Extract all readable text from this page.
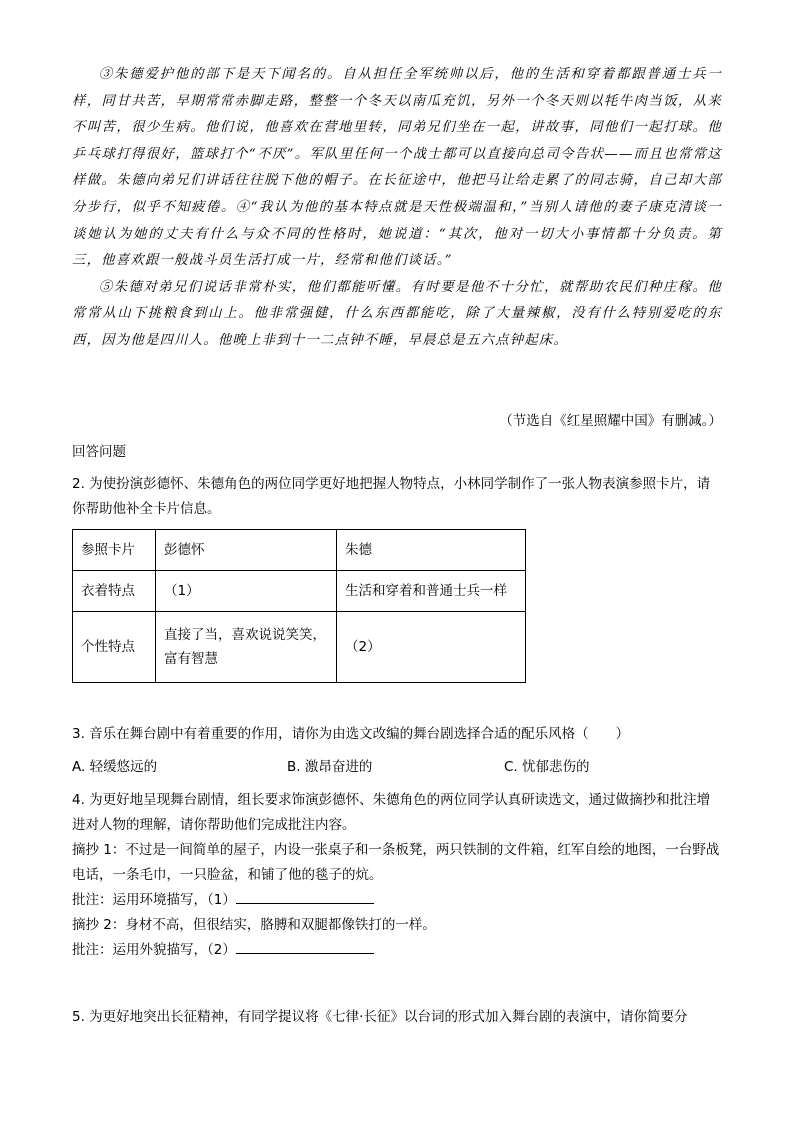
③朱德爱护他的部下是天下闻名的。自从担任全军统帅以后，他的生活和穿着都跟普通士兵一样，同甘共苦，早期常常赤脚走路，整整一个冬天以南瓜充饥，另外一个冬天则以牦牛肉当饭，从来不叫苦，很少生病。他们说，他喜欢在营地里转，同弟兄们坐在一起，讲故事，同他们一起打球。他乒乓球打得很好，篮球打个“不厌”。军队里任何一个战士都可以直接向总司令告状——而且也常常这样做。朱德向弟兄们讲话往往脱下他的帽子。在长征途中，他把马让给走累了的同志骑，自己却大部分步行，似乎不知疲倦。④“我认为他的基本特点就是天性极端温和，”当别人请他的妻子康克清谈一谈她认为她的丈夫有什么与众不同的性格时，她说道：“其次，他对一切大小事情都十分负责。第三，他喜欢跟一般战斗员生活打成一片，经常和他们谈话。”

⑤朱德对弟兄们说话非常朴实，他们都能听懂。有时要是他不十分忙，就帮助农民们种庄稼。他常常从山下挑粮食到山上。他非常强健，什么东西都能吃，除了大量辣椒，没有什么特别爱吃的东西，因为他是四川人。他晚上非到十一二点钟不睡，早晨总是五六点钟起床。

（节选自《红星照耀中国》有删减。）
回答问题

2. 为使扮演彭德怀、朱德角色的两位同学更好地把握人物特点，小林同学制作了一张人物表演参照卡片，请你帮助他补全卡片信息。

参照卡片	彭德怀	朱德
衣着特点	（1）	生活和穿着和普通士兵一样
个性特点	直接了当，喜欢说说笑笑，富有智慧	（2）

3. 音乐在舞台剧中有着重要的作用，请你为由选文改编的舞台剧选择合适的配乐风格（　　）

A. 轻缓悠远的	B. 激昂奋进的	C. 忧郁悲伤的

4. 为更好地呈现舞台剧情，组长要求饰演彭德怀、朱德角色的两位同学认真研读选文，通过做摘抄和批注增进对人物的理解，请你帮助他们完成批注内容。

摘抄 1：不过是一间简单的屋子，内设一张桌子和一条板凳，两只铁制的文件箱，红军自绘的地图，一台野战电话，一条毛巾，一只脸盆，和铺了他的毯子的炕。

批注：运用环境描写，（1）

摘抄 2：身材不高，但很结实，胳膊和双腿都像铁打的一样。

批注：运用外貌描写，（2）

5. 为更好地突出长征精神，有同学提议将《七律·长征》以台词的形式加入舞台剧的表演中，请你简要分
